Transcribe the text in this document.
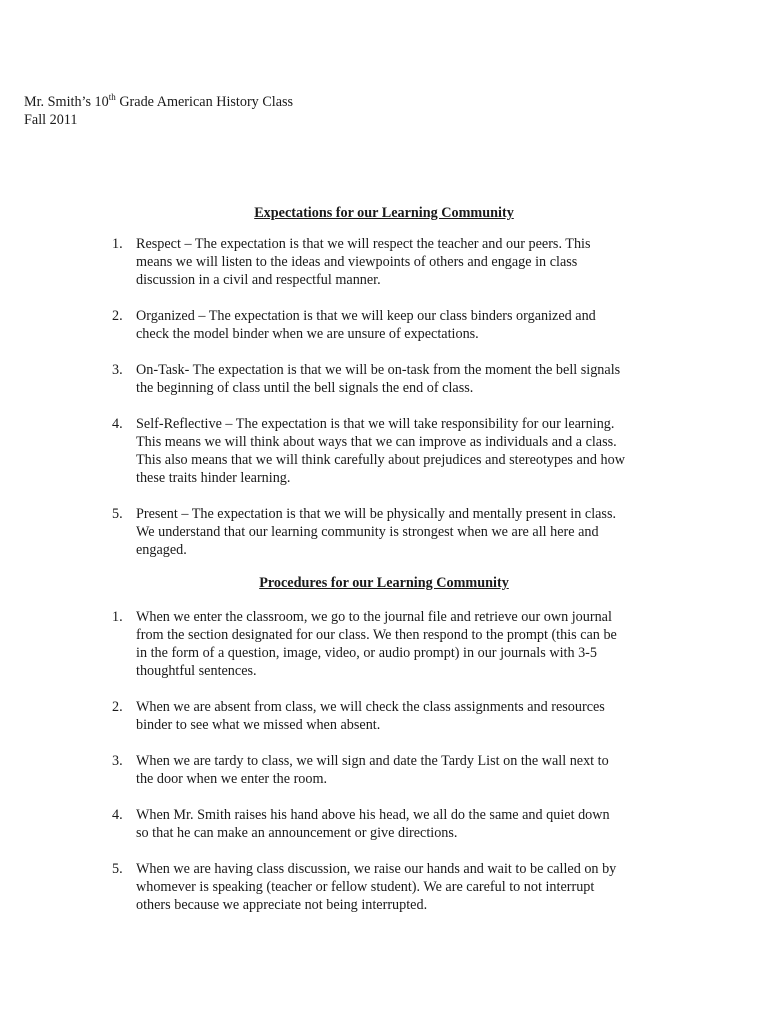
Mr. Smith’s 10th Grade American History Class
Fall 2011
Expectations for our Learning Community
1. Respect – The expectation is that we will respect the teacher and our peers. This
means we will listen to the ideas and viewpoints of others and engage in class
discussion in a civil and respectful manner.
2. Organized – The expectation is that we will keep our class binders organized and
check the model binder when we are unsure of expectations.
3. On-Task- The expectation is that we will be on-task from the moment the bell signals
the beginning of class until the bell signals the end of class.
4. Self-Reflective – The expectation is that we will take responsibility for our learning.
This means we will think about ways that we can improve as individuals and a class.
This also means that we will think carefully about prejudices and stereotypes and how
these traits hinder learning.
5. Present – The expectation is that we will be physically and mentally present in class.
We understand that our learning community is strongest when we are all here and
engaged.
Procedures for our Learning Community
1. When we enter the classroom, we go to the journal file and retrieve our own journal
from the section designated for our class. We then respond to the prompt (this can be
in the form of a question, image, video, or audio prompt) in our journals with 3-5
thoughtful sentences.
2. When we are absent from class, we will check the class assignments and resources
binder to see what we missed when absent.
3. When we are tardy to class, we will sign and date the Tardy List on the wall next to
the door when we enter the room.
4. When Mr. Smith raises his hand above his head, we all do the same and quiet down
so that he can make an announcement or give directions.
5. When we are having class discussion, we raise our hands and wait to be called on by
whomever is speaking (teacher or fellow student). We are careful to not interrupt
others because we appreciate not being interrupted.
